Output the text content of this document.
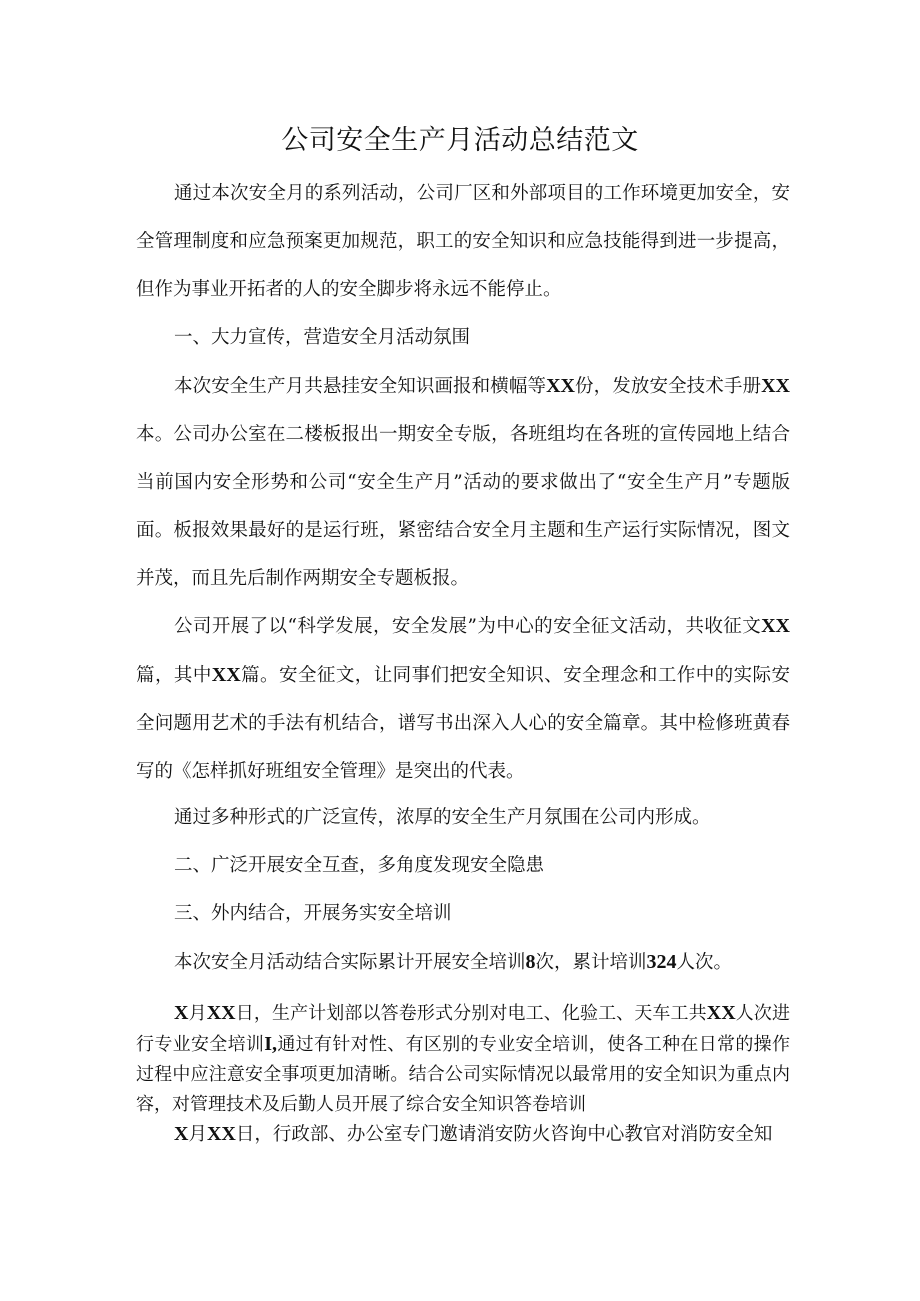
公司安全生产月活动总结范文

通过本次安全月的系列活动，公司厂区和外部项目的工作环境更加安全，安全管理制度和应急预案更加规范，职工的安全知识和应急技能得到进一步提高，但作为事业开拓者的人的安全脚步将永远不能停止。

一、大力宣传，营造安全月活动氛围

本次安全生产月共悬挂安全知识画报和横幅等XX份，发放安全技术手册XX本。公司办公室在二楼板报出一期安全专版，各班组均在各班的宣传园地上结合当前国内安全形势和公司“安全生产月”活动的要求做出了“安全生产月”专题版面。板报效果最好的是运行班，紧密结合安全月主题和生产运行实际情况，图文并茂，而且先后制作两期安全专题板报。

公司开展了以“科学发展，安全发展”为中心的安全征文活动，共收征文XX篇，其中XX篇。安全征文，让同事们把安全知识、安全理念和工作中的实际安全问题用艺术的手法有机结合，谱写书出深入人心的安全篇章。其中检修班黄春写的《怎样抓好班组安全管理》是突出的代表。

通过多种形式的广泛宣传，浓厚的安全生产月氛围在公司内形成。

二、广泛开展安全互查，多角度发现安全隐患

三、外内结合，开展务实安全培训

本次安全月活动结合实际累计开展安全培训8次，累计培训324人次。

X月XX日，生产计划部以答卷形式分别对电工、化验工、天车工共XX人次进行专业安全培训I,通过有针对性、有区别的专业安全培训，使各工种在日常的操作过程中应注意安全事项更加清晰。结合公司实际情况以最常用的安全知识为重点内容，对管理技术及后勤人员开展了综合安全知识答卷培训

X月XX日，行政部、办公室专门邀请消安防火咨询中心教官对消防安全知
